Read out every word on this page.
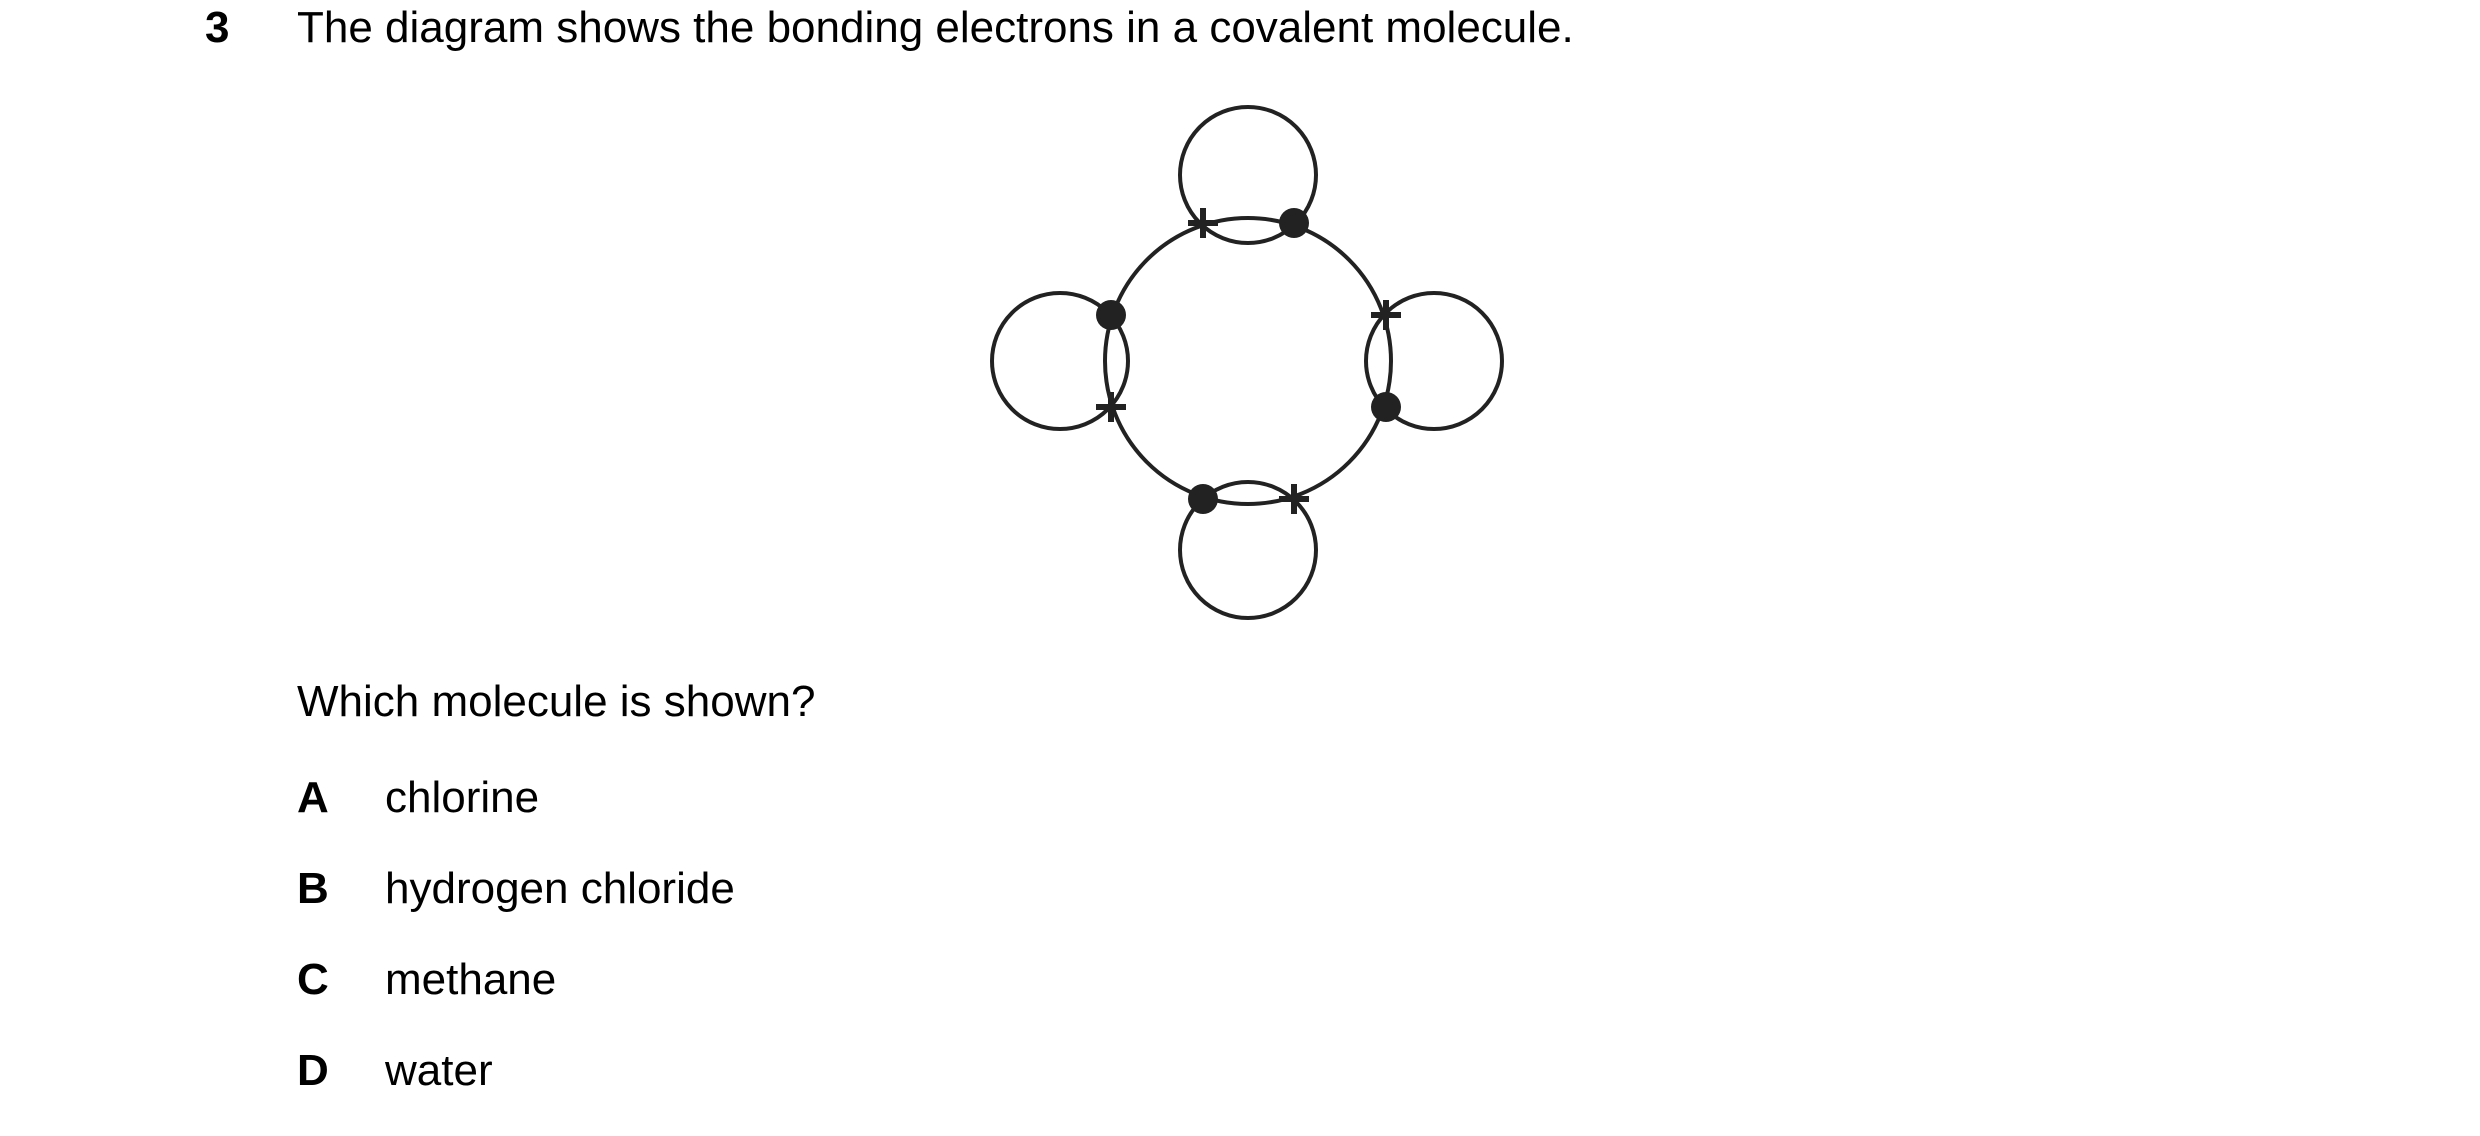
3 The diagram shows the bonding electrons in a covalent molecule.
Which molecule is shown?
A	chlorine
B	hydrogen chloride
C	methane
D	water
